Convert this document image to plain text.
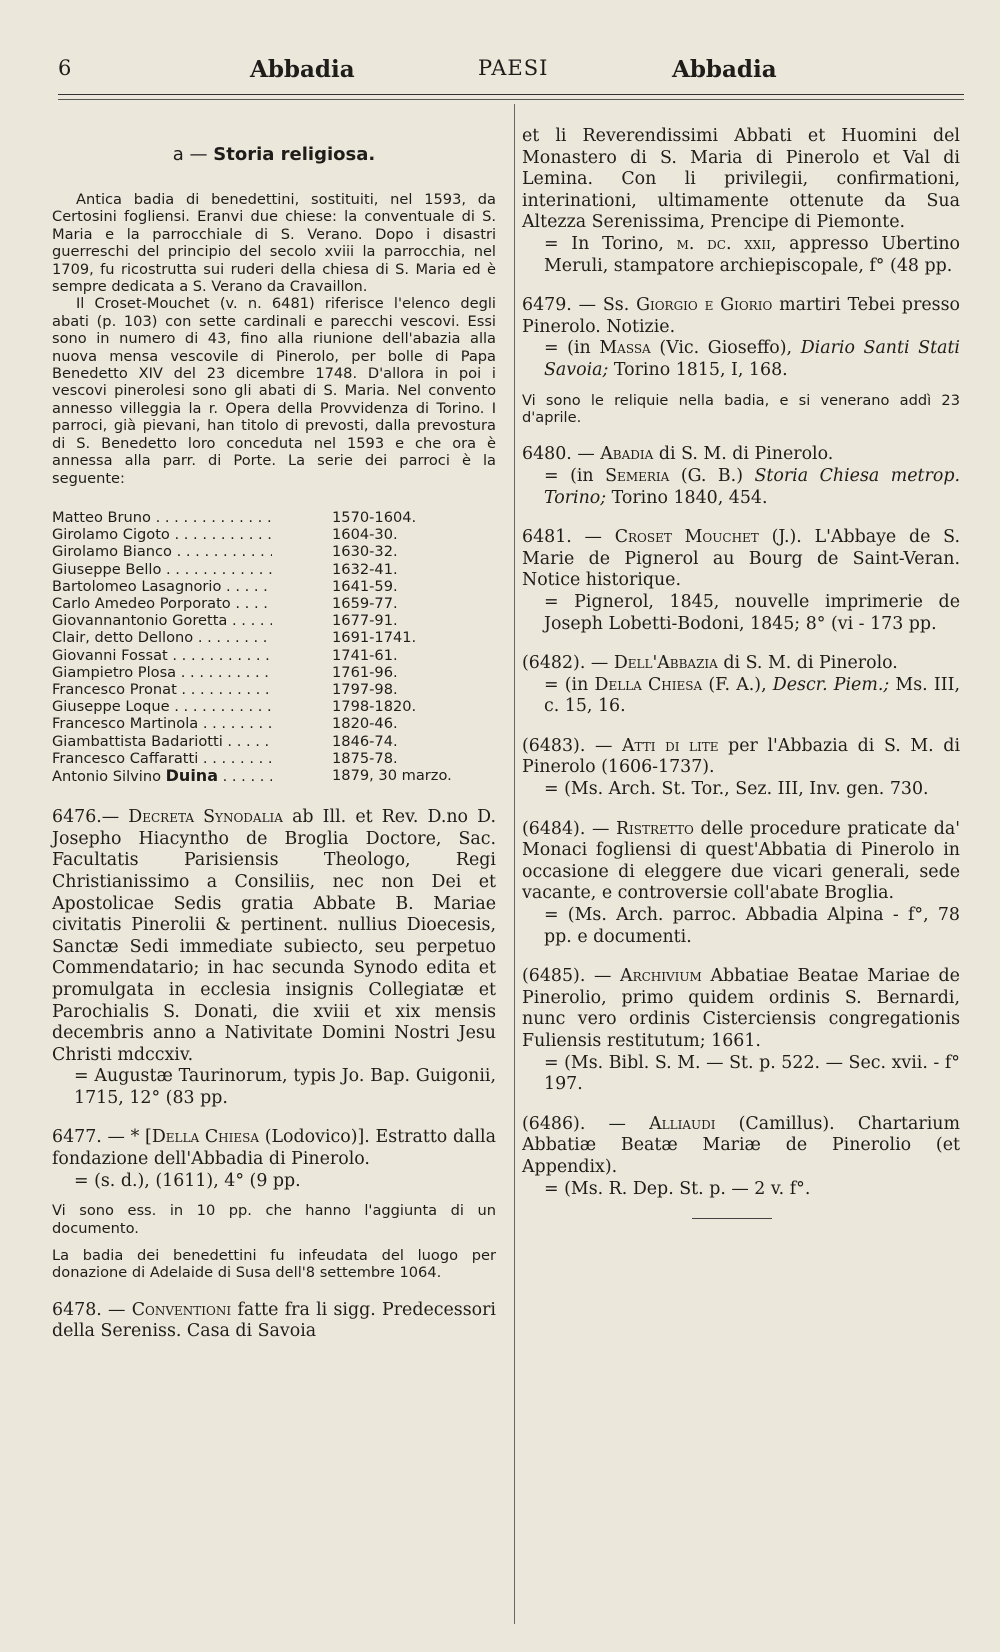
6	Abbadia	PAESI	Abbadia
a — Storia religiosa.

Antica badia di benedettini, sostituiti, nel 1593, da Certosini fogliensi. Eranvi due chiese: la conventuale di S. Maria e la parrocchiale di S. Verano. Dopo i disastri guerreschi del principio del secolo xviii la parrocchia, nel 1709, fu ricostrutta sui ruderi della chiesa di S. Maria ed è sempre dedicata a S. Verano da Cravaillon.

Il Croset-Mouchet (v. n. 6481) riferisce l'elenco degli abati (p. 103) con sette cardinali e parecchi vescovi. Essi sono in numero di 43, fino alla riunione dell'abazia alla nuova mensa vescovile di Pinerolo, per bolle di Papa Benedetto XIV del 23 dicembre 1748. D'allora in poi i vescovi pinerolesi sono gli abati di S. Maria. Nel convento annesso villeggia la r. Opera della Provvidenza di Torino. I parroci, già pievani, han titolo di prevosti, dalla prevostura di S. Benedetto loro conceduta nel 1593 e che ora è annessa alla parr. di Porte. La serie dei parroci è la seguente:

Matteo Bruno . . .	1570-1604.
Girolamo Cigoto . . .	1604-30.
Girolamo Bianco . . .	1630-32.
Giuseppe Bello . . .	1632-41.
Bartolomeo Lasagnorio . . .	1641-59.
Carlo Amedeo Porporato . . .	1659-77.
Giovannantonio Goretta . . .	1677-91.
Clair, detto Dellono . . .	1691-1741.
Giovanni Fossat . . .	1741-61.
Giampietro Plosa . . .	1761-96.
Francesco Pronat . . .	1797-98.
Giuseppe Loque . . .	1798-1820.
Francesco Martinola . . .	1820-46.
Giambattista Badariotti . . .	1846-74.
Francesco Caffaratti . . .	1875-78.
Antonio Silvino Duina . . .	1879, 30 marzo.

6476.— Decreta Synodalia ab Ill. et Rev. D.no D. Josepho Hiacyntho de Broglia Doctore, Sac. Facultatis Parisiensis Theologo, Regi Christianissimo a Consiliis, nec non Dei et Apostolicae Sedis gratia Abbate B. Mariae civitatis Pinerolii & pertinent. nullius Dioecesis, Sanctæ Sedi immediate subiecto, seu perpetuo Commendatario; in hac secunda Synodo edita et promulgata in ecclesia insignis Collegiatæ et Parochialis S. Donati, die xviii et xix mensis decembris anno a Nativitate Domini Nostri Jesu Christi mdccxiv.
= Augustæ Taurinorum, typis Jo. Bap. Guigonii, 1715, 12° (83 pp.

6477. — * [Della Chiesa (Lodovico)]. Estratto dalla fondazione dell'Abbadia di Pinerolo.
= (s. d.), (1611), 4° (9 pp.

Vi sono ess. in 10 pp. che hanno l'aggiunta di un documento.

La badia dei benedettini fu infeudata del luogo per donazione di Adelaide di Susa dell'8 settembre 1064.

6478. — Conventioni fatte fra li sigg. Predecessori della Sereniss. Casa di Savoia

et li Reverendissimi Abbati et Huomini del Monastero di S. Maria di Pinerolo et Val di Lemina. Con li privilegii, confirmationi, interinationi, ultimamente ottenute da Sua Altezza Serenissima, Prencipe di Piemonte.
= In Torino, m. dc. xxii, appresso Ubertino Meruli, stampatore archiepiscopale, f° (48 pp.

6479. — Ss. Giorgio e Giorio martiri Tebei presso Pinerolo. Notizie.
= (in Massa (Vic. Gioseffo), Diario Santi Stati Savoia; Torino 1815, I, 168.

Vi sono le reliquie nella badia, e si venerano addì 23 d'aprile.

6480. — Abadia di S. M. di Pinerolo.
= (in Semeria (G. B.) Storia Chiesa metrop. Torino; Torino 1840, 454.

6481. — Croset Mouchet (J.). L'Abbaye de S. Marie de Pignerol au Bourg de Saint-Veran. Notice historique.
= Pignerol, 1845, nouvelle imprimerie de Joseph Lobetti-Bodoni, 1845; 8° (vi - 173 pp.

(6482). — Dell'Abbazia di S. M. di Pinerolo.
= (in Della Chiesa (F. A.), Descr. Piem.; Ms. III, c. 15, 16.

(6483). — Atti di lite per l'Abbazia di S. M. di Pinerolo (1606-1737).
= (Ms. Arch. St. Tor., Sez. III, Inv. gen. 730.

(6484). — Ristretto delle procedure praticate da' Monaci fogliensi di quest'Abbatia di Pinerolo in occasione di eleggere due vicari generali, sede vacante, e controversie coll'abate Broglia.
= (Ms. Arch. parroc. Abbadia Alpina - f°, 78 pp. e documenti.

(6485). — Archivium Abbatiae Beatae Mariae de Pinerolio, primo quidem ordinis S. Bernardi, nunc vero ordinis Cisterciensis congregationis Fuliensis restitutum; 1661.
= (Ms. Bibl. S. M. — St. p. 522. — Sec. xvii. - f° 197.

(6486). — Alliaudi (Camillus). Chartarium Abbatiæ Beatæ Mariæ de Pinerolio (et Appendix).
= (Ms. R. Dep. St. p. — 2 v. f°.
